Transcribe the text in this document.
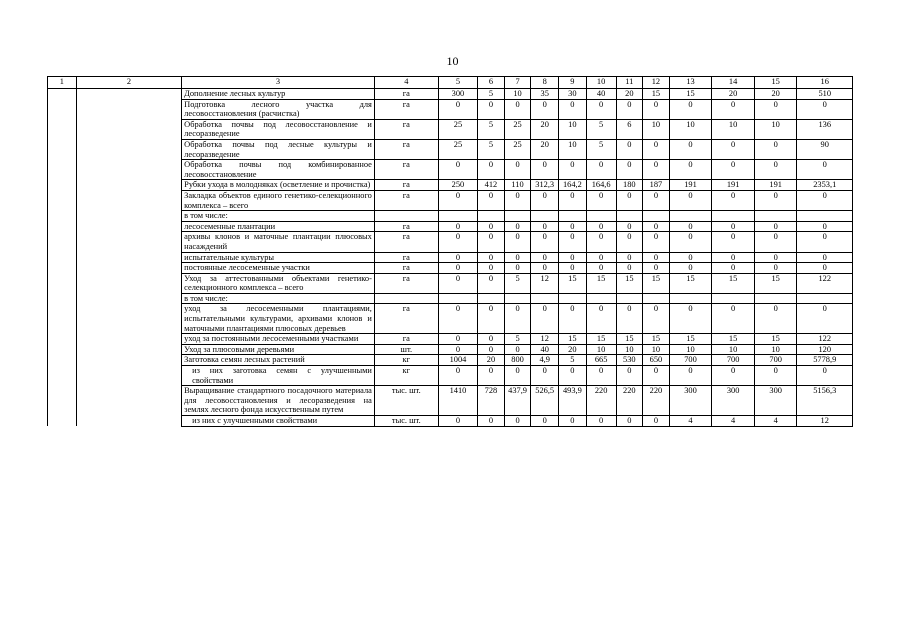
10
1	2	3	4	5	6	7	8	9	10	11	12	13	14	15	16
		Дополнение лесных культур	га	300	5	10	35	30	40	20	15	15	20	20	510
		Подготовка лесного участка для лесовосстановления (расчистка)	га	0	0	0	0	0	0	0	0	0	0	0	0
		Обработка почвы под лесовосстановление и лесоразведение	га	25	5	25	20	10	5	6	10	10	10	10	136
		Обработка почвы под лесные культуры и лесоразведение	га	25	5	25	20	10	5	0	0	0	0	0	90
		Обработка почвы под комбинированное лесовосстановление	га	0	0	0	0	0	0	0	0	0	0	0	0
		Рубки ухода в молодняках (осветление и прочистка)	га	250	412	110	312,3	164,2	164,6	180	187	191	191	191	2353,1
		Закладка объектов единого генетико-селекционного комплекса – всего	га	0	0	0	0	0	0	0	0	0	0	0	0
		в том числе:													
		лесосеменные плантации	га	0	0	0	0	0	0	0	0	0	0	0	0
		архивы клонов и маточные плантации плюсовых насаждений	га	0	0	0	0	0	0	0	0	0	0	0	0
		испытательные культуры	га	0	0	0	0	0	0	0	0	0	0	0	0
		постоянные лесосеменные участки	га	0	0	0	0	0	0	0	0	0	0	0	0
		Уход за аттестованными объектами генетико-селекционного комплекса – всего	га	0	0	5	12	15	15	15	15	15	15	15	122
		в том числе:													
		уход за лесосеменными плантациями, испытательными культурами, архивами клонов и маточными плантациями плюсовых деревьев	га	0	0	0	0	0	0	0	0	0	0	0	0
		уход за постоянными лесосеменными участками	га	0	0	5	12	15	15	15	15	15	15	15	122
		Уход за плюсовыми деревьями	шт.	0	0	0	40	20	10	10	10	10	10	10	120
		Заготовка семян лесных растений	кг	1004	20	800	4,9	5	665	530	650	700	700	700	5778,9
		из них заготовка семян с улучшенными свойствами	кг	0	0	0	0	0	0	0	0	0	0	0	0
		Выращивание стандартного посадочного материала для лесовосстановления и лесоразведения на землях лесного фонда искусственным путем	тыс. шт.	1410	728	437,9	526,5	493,9	220	220	220	300	300	300	5156,3
		из них с улучшенными свойствами	тыс. шт.	0	0	0	0	0	0	0	0	4	4	4	12
